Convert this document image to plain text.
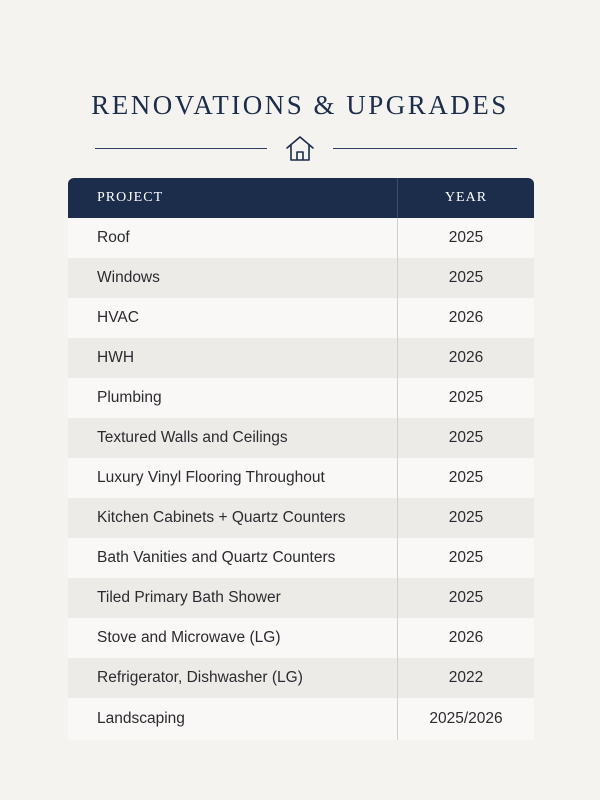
RENOVATIONS & UPGRADES
PROJECT	YEAR
Roof	2025
Windows	2025
HVAC	2026
HWH	2026
Plumbing	2025
Textured Walls and Ceilings	2025
Luxury Vinyl Flooring Throughout	2025
Kitchen Cabinets + Quartz Counters	2025
Bath Vanities and Quartz Counters	2025
Tiled Primary Bath Shower	2025
Stove and Microwave (LG)	2026
Refrigerator, Dishwasher (LG)	2022
Landscaping	2025/2026
